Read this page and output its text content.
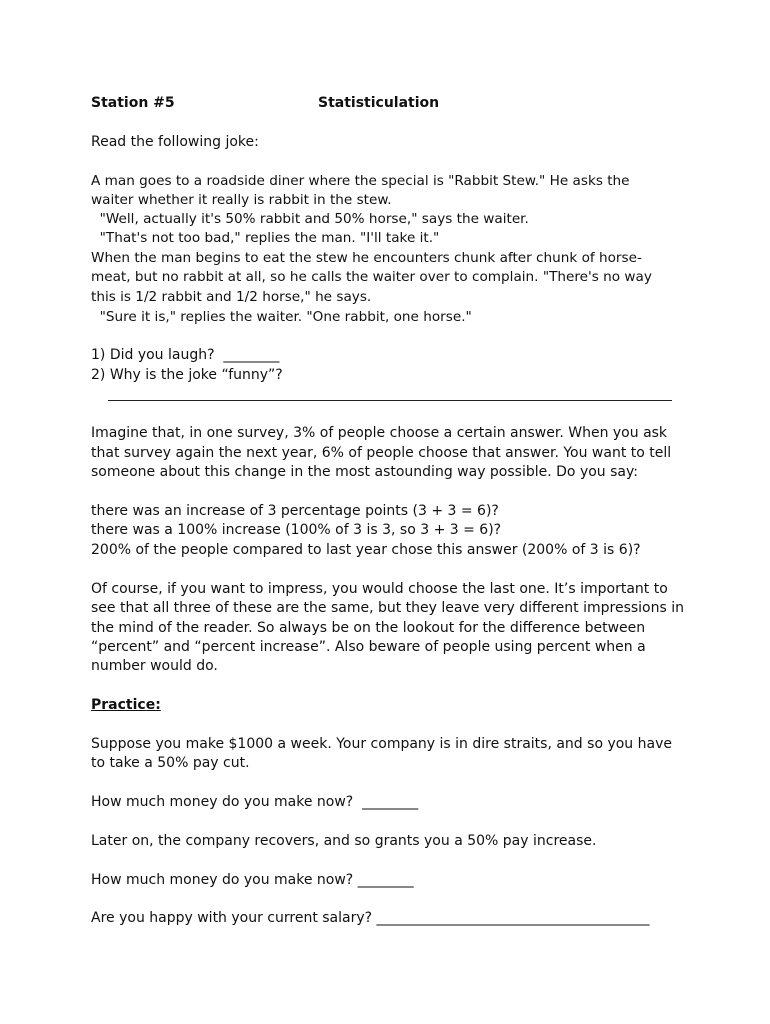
Station #5	Statisticulation
Read the following joke:
A man goes to a roadside diner where the special is "Rabbit Stew." He asks the
waiter whether it really is rabbit in the stew.
"Well, actually it's 50% rabbit and 50% horse," says the waiter.
"That's not too bad," replies the man. "I'll take it."
When the man begins to eat the stew he encounters chunk after chunk of horse-
meat, but no rabbit at all, so he calls the waiter over to complain. "There's no way
this is 1/2 rabbit and 1/2 horse," he says.
"Sure it is," replies the waiter. "One rabbit, one horse."
1) Did you laugh?  ________
2) Why is the joke “funny”?
Imagine that, in one survey, 3% of people choose a certain answer. When you ask
that survey again the next year, 6% of people choose that answer. You want to tell
someone about this change in the most astounding way possible. Do you say:
there was an increase of 3 percentage points (3 + 3 = 6)?
there was a 100% increase (100% of 3 is 3, so 3 + 3 = 6)?
200% of the people compared to last year chose this answer (200% of 3 is 6)?
Of course, if you want to impress, you would choose the last one. It’s important to
see that all three of these are the same, but they leave very different impressions in
the mind of the reader. So always be on the lookout for the difference between
“percent” and “percent increase”. Also beware of people using percent when a
number would do.
Practice:
Suppose you make $1000 a week. Your company is in dire straits, and so you have
to take a 50% pay cut.
How much money do you make now?  ________
Later on, the company recovers, and so grants you a 50% pay increase.
How much money do you make now? ________
Are you happy with your current salary? _______________________________________
